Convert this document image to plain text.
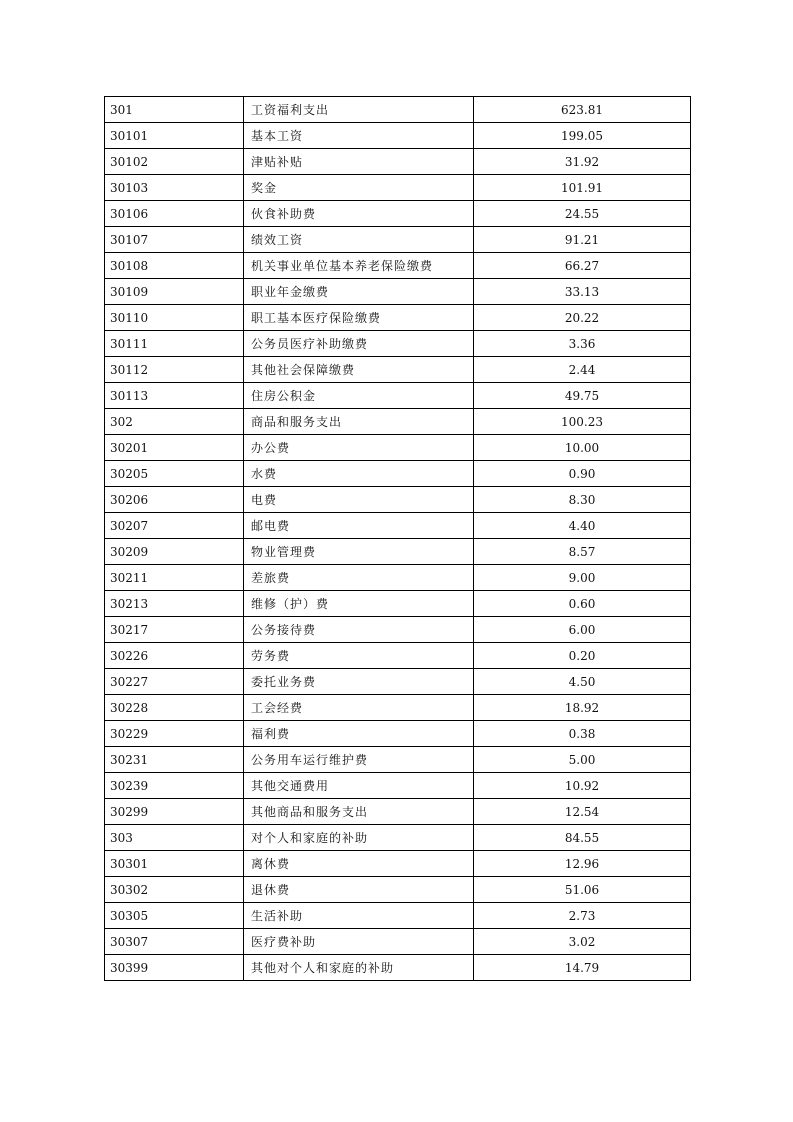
301	工资福利支出	623.81
30101	基本工资	199.05
30102	津贴补贴	31.92
30103	奖金	101.91
30106	伙食补助费	24.55
30107	绩效工资	91.21
30108	机关事业单位基本养老保险缴费	66.27
30109	职业年金缴费	33.13
30110	职工基本医疗保险缴费	20.22
30111	公务员医疗补助缴费	3.36
30112	其他社会保障缴费	2.44
30113	住房公积金	49.75
302	商品和服务支出	100.23
30201	办公费	10.00
30205	水费	0.90
30206	电费	8.30
30207	邮电费	4.40
30209	物业管理费	8.57
30211	差旅费	9.00
30213	维修（护）费	0.60
30217	公务接待费	6.00
30226	劳务费	0.20
30227	委托业务费	4.50
30228	工会经费	18.92
30229	福利费	0.38
30231	公务用车运行维护费	5.00
30239	其他交通费用	10.92
30299	其他商品和服务支出	12.54
303	对个人和家庭的补助	84.55
30301	离休费	12.96
30302	退休费	51.06
30305	生活补助	2.73
30307	医疗费补助	3.02
30399	其他对个人和家庭的补助	14.79
